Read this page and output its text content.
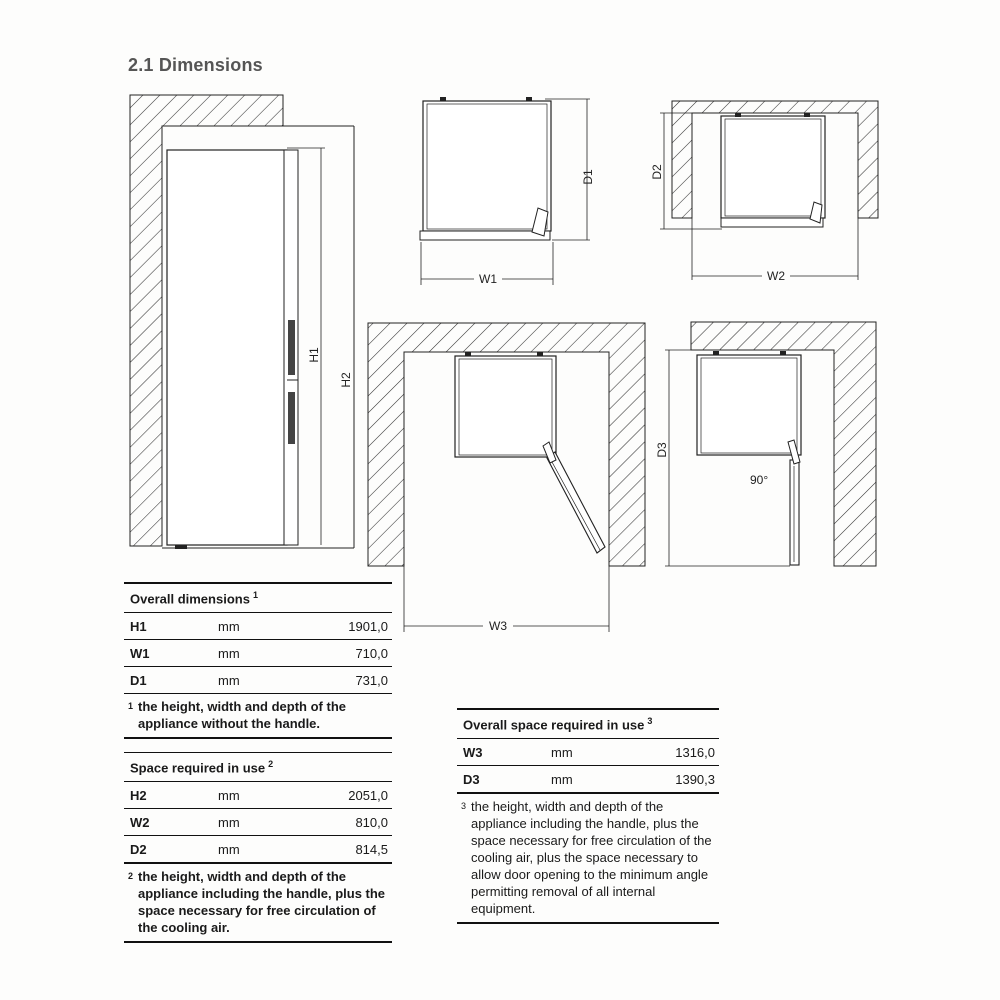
2.1 Dimensions
H1
H2
D1
W1
D2
W2
W3
90°
D3
Overall dimensions $^1$
H1	mm	1901,0
W1	mm	710,0
D1	mm	731,0
1 the height, width and depth of the appliance without the handle.
Space required in use $^2$
H2	mm	2051,0
W2	mm	810,0
D2	mm	814,5
2 the height, width and depth of the appliance including the handle, plus the space necessary for free circulation of the cooling air.
Overall space required in use $^3$
W3	mm	1316,0
D3	mm	1390,3
3 the height, width and depth of the appliance including the handle, plus the space necessary for free circulation of the cooling air, plus the space necessary to allow door opening to the minimum angle permitting removal of all internal equipment.
